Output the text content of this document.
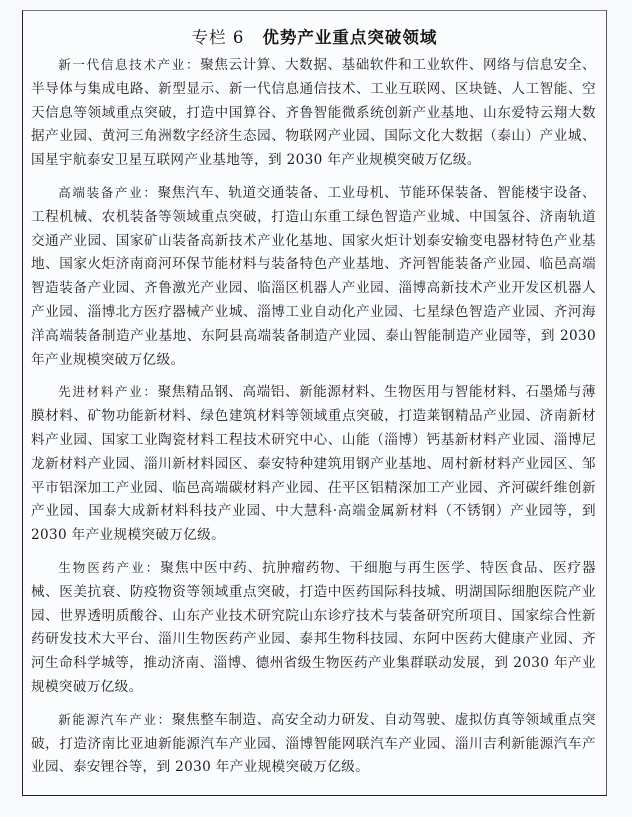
专栏 6 优势产业重点突破领域

新一代信息技术产业：聚焦云计算、大数据、基础软件和工业软件、网络与信息安全、半导体与集成电路、新型显示、新一代信息通信技术、工业互联网、区块链、人工智能、空天信息等领域重点突破，打造中国算谷、齐鲁智能微系统创新产业基地、山东爱特云翔大数据产业园、黄河三角洲数字经济生态园、物联网产业园、国际文化大数据（泰山）产业城、国星宇航泰安卫星互联网产业基地等，到 2030 年产业规模突破万亿级。

高端装备产业：聚焦汽车、轨道交通装备、工业母机、节能环保装备、智能楼宇设备、工程机械、农机装备等领域重点突破，打造山东重工绿色智造产业城、中国氢谷、济南轨道交通产业园、国家矿山装备高新技术产业化基地、国家火炬计划泰安输变电器材特色产业基地、国家火炬济南商河环保节能材料与装备特色产业基地、齐河智能装备产业园、临邑高端智造装备产业园、齐鲁激光产业园、临淄区机器人产业园、淄博高新技术产业开发区机器人产业园、淄博北方医疗器械产业城、淄博工业自动化产业园、七星绿色智造产业园、齐河海洋高端装备制造产业基地、东阿县高端装备制造产业园、泰山智能制造产业园等，到 2030 年产业规模突破万亿级。

先进材料产业：聚焦精品钢、高端铝、新能源材料、生物医用与智能材料、石墨烯与薄膜材料、矿物功能新材料、绿色建筑材料等领域重点突破，打造莱钢精品产业园、济南新材料产业园、国家工业陶瓷材料工程技术研究中心、山能（淄博）钙基新材料产业园、淄博尼龙新材料产业园、淄川新材料园区、泰安特种建筑用钢产业基地、周村新材料产业园区、邹平市铝深加工产业园、临邑高端碳材料产业园、茌平区铝精深加工产业园、齐河碳纤维创新产业园、国泰大成新材料科技产业园、中大慧科·高端金属新材料（不锈钢）产业园等，到 2030 年产业规模突破万亿级。

生物医药产业：聚焦中医中药、抗肿瘤药物、干细胞与再生医学、特医食品、医疗器械、医美抗衰、防疫物资等领域重点突破，打造中医药国际科技城、明湖国际细胞医院产业园、世界透明质酸谷、山东产业技术研究院山东诊疗技术与装备研究所项目、国家综合性新药研发技术大平台、淄川生物医药产业园、泰邦生物科技园、东阿中医药大健康产业园、齐河生命科学城等，推动济南、淄博、德州省级生物医药产业集群联动发展，到 2030 年产业规模突破万亿级。

新能源汽车产业：聚焦整车制造、高安全动力研发、自动驾驶、虚拟仿真等领域重点突破，打造济南比亚迪新能源汽车产业园、淄博智能网联汽车产业园、淄川吉利新能源汽车产业园、泰安锂谷等，到 2030 年产业规模突破万亿级。
